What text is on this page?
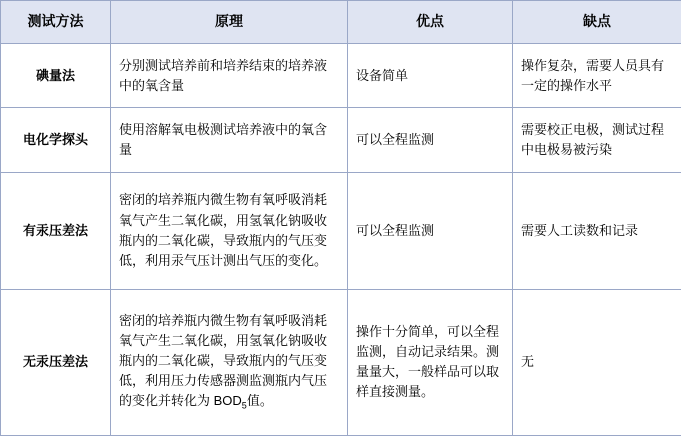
测试方法	原理	优点	缺点
碘量法	分别测试培养前和培养结束的培养液中的氧含量	设备简单	操作复杂，需要人员具有一定的操作水平
电化学探头	使用溶解氧电极测试培养液中的氧含量	可以全程监测	需要校正电极，测试过程中电极易被污染
有汞压差法	密闭的培养瓶内微生物有氧呼吸消耗氧气产生二氧化碳，用氢氧化钠吸收瓶内的二氧化碳，导致瓶内的气压变低，利用汞气压计测出气压的变化。	可以全程监测	需要人工读数和记录
无汞压差法	密闭的培养瓶内微生物有氧呼吸消耗氧气产生二氧化碳，用氢氧化钠吸收瓶内的二氧化碳，导致瓶内的气压变低，利用压力传感器测监测瓶内气压的变化并转化为 $BOD_5$值。	操作十分简单，可以全程监测，自动记录结果。测量量大，一般样品可以取样直接测量。	无
